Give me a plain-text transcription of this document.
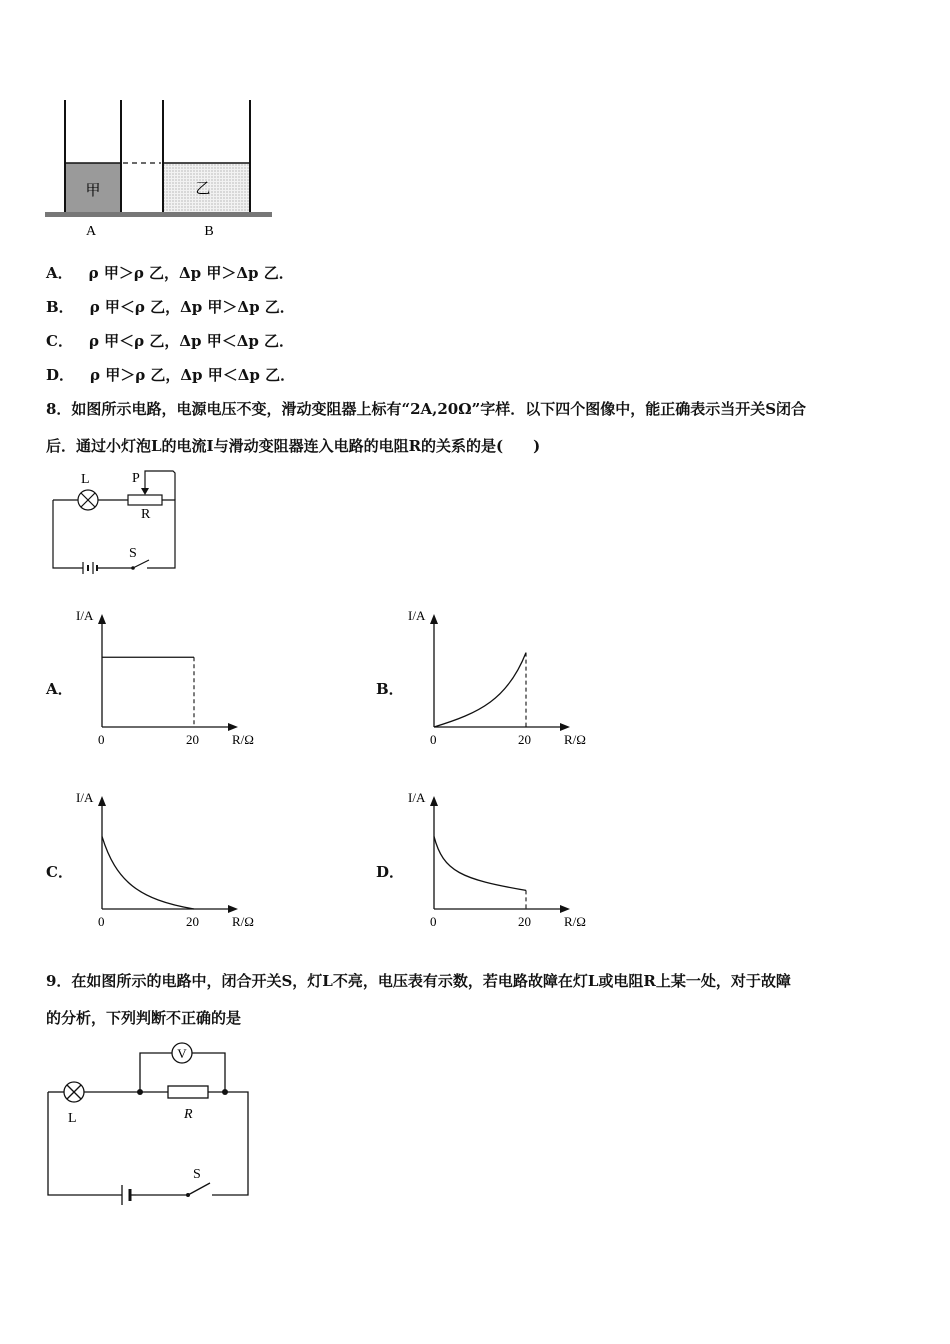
甲	乙
A	B
A． ρ 甲＞ρ 乙，Δp 甲＞Δp 乙．
B． ρ 甲＜ρ 乙，Δp 甲＞Δp 乙．
C． ρ 甲＜ρ 乙，Δp 甲＜Δp 乙．
D． ρ 甲＞ρ 乙，Δp 甲＜Δp 乙．
8．如图所示电路，电源电压不变，滑动变阻器上标有“2A,20Ω”字样．以下四个图像中，能正确表示当开关S闭合
后．通过小灯泡L的电流I与滑动变阻器连入电路的电阻R的关系的是(　　)
L	P
R
S
A．	B．
C．	D．
I/A
R/Ω
0	20
I/A
R/Ω
0	20
I/A
R/Ω
0	20
I/A
R/Ω
0	20
9．在如图所示的电路中，闭合开关S，灯L不亮，电压表有示数，若电路故障在灯L或电阻R上某一处，对于故障
的分析，下列判断不正确的是
V
L	R
S
